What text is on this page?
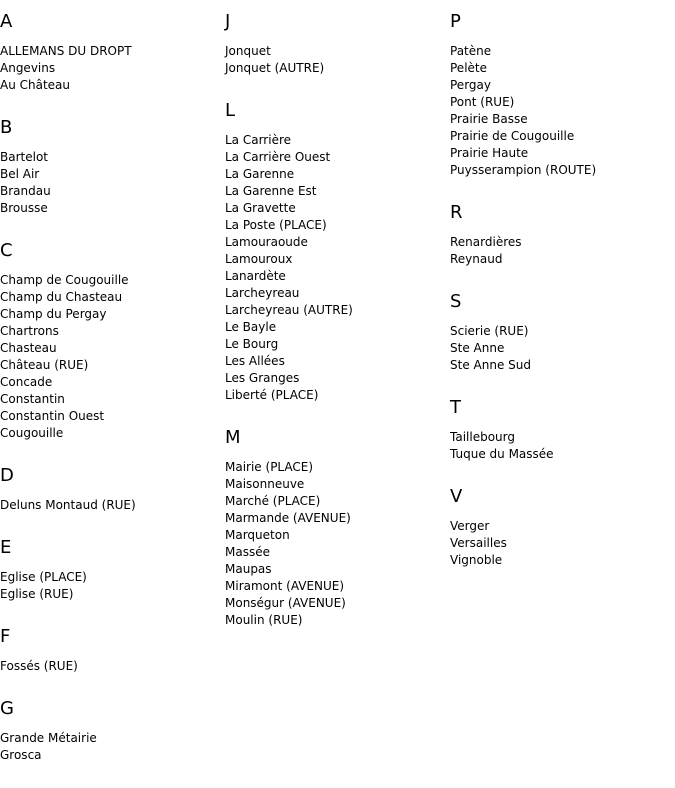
A
ALLEMANS DU DROPT
Angevins
Au Château
B
Bartelot
Bel Air
Brandau
Brousse
C
Champ de Cougouille
Champ du Chasteau
Champ du Pergay
Chartrons
Chasteau
Château (RUE)
Concade
Constantin
Constantin Ouest
Cougouille
D
Deluns Montaud (RUE)
E
Eglise (PLACE)
Eglise (RUE)
F
Fossés (RUE)
G
Grande Métairie
Grosca
J
Jonquet
Jonquet (AUTRE)
L
La Carrière
La Carrière Ouest
La Garenne
La Garenne Est
La Gravette
La Poste (PLACE)
Lamouraoude
Lamouroux
Lanardète
Larcheyreau
Larcheyreau (AUTRE)
Le Bayle
Le Bourg
Les Allées
Les Granges
Liberté (PLACE)
M
Mairie (PLACE)
Maisonneuve
Marché (PLACE)
Marmande (AVENUE)
Marqueton
Massée
Maupas
Miramont (AVENUE)
Monségur (AVENUE)
Moulin (RUE)
P
Patène
Pelète
Pergay
Pont (RUE)
Prairie Basse
Prairie de Cougouille
Prairie Haute
Puysserampion (ROUTE)
R
Renardières
Reynaud
S
Scierie (RUE)
Ste Anne
Ste Anne Sud
T
Taillebourg
Tuque du Massée
V
Verger
Versailles
Vignoble
